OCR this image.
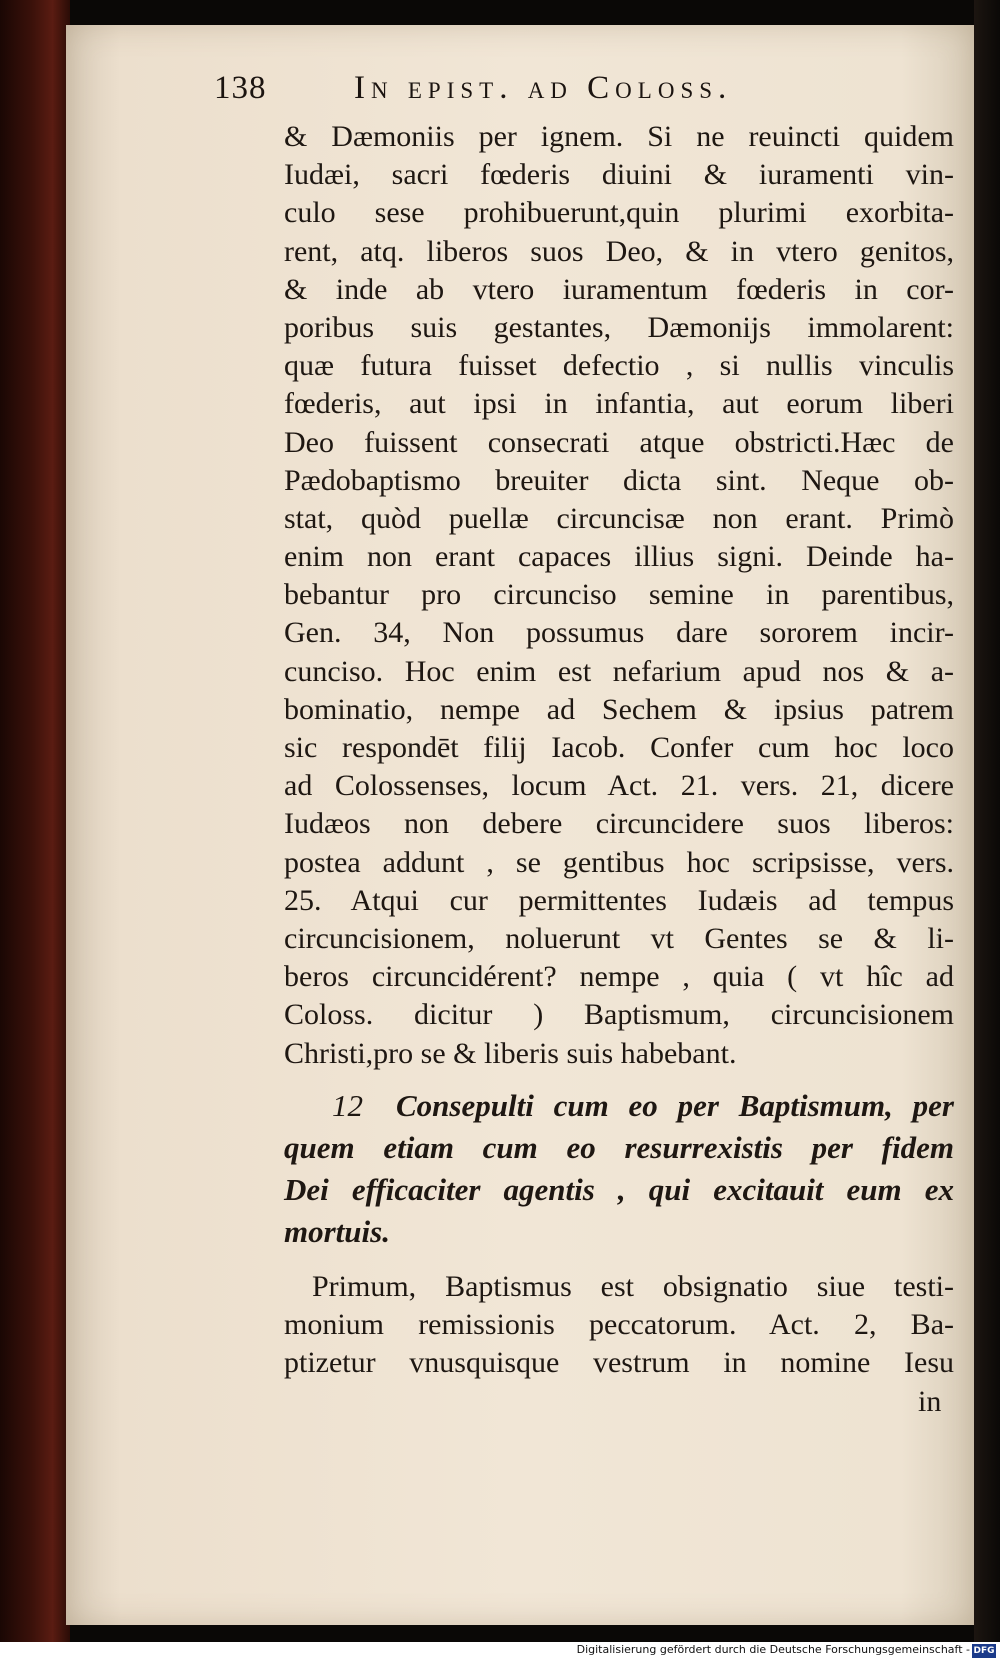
138	In epist. ad Coloss.
& Dæmoniis per ignem. Si ne reuincti quidem
Iudæi, sacri fœderis diuini & iuramenti vin-
culo sese prohibuerunt,quin plurimi exorbita-
rent, atq. liberos suos Deo, & in vtero genitos,
& inde ab vtero iuramentum fœderis in cor-
poribus suis gestantes, Dæmonijs immolarent:
quæ futura fuisset defectio , si nullis vinculis
fœderis, aut ipsi in infantia, aut eorum liberi
Deo fuissent consecrati atque obstricti.Hæc de
Pædobaptismo breuiter dicta sint. Neque ob-
stat, quòd puellæ circuncisæ non erant. Primò
enim non erant capaces illius signi. Deinde ha-
bebantur pro circunciso semine in parentibus,
Gen. 34, Non possumus dare sororem incir-
cunciso. Hoc enim est nefarium apud nos & a-
bominatio, nempe ad Sechem & ipsius patrem
sic respondēt filij Iacob. Confer cum hoc loco
ad Colossenses, locum Act. 21. vers. 21, dicere
Iudæos non debere circuncidere suos liberos:
postea addunt , se gentibus hoc scripsisse, vers.
25. Atqui cur permittentes Iudæis ad tempus
circuncisionem, noluerunt vt Gentes se & li-
beros circuncidérent? nempe , quia ( vt hîc ad
Coloss. dicitur ) Baptismum, circuncisionem
Christi,pro se & liberis suis habebant.
12 Consepulti cum eo per Baptismum, per
quem etiam cum eo resurrexistis per fidem
Dei efficaciter agentis , qui excitauit eum ex
mortuis.
Primum, Baptismus est obsignatio siue testi-
monium remissionis peccatorum. Act. 2, Ba-
ptizetur vnusquisque vestrum in nomine Iesu
in
Digitalisierung gefördert durch die Deutsche Forschungsgemeinschaft - DFG
